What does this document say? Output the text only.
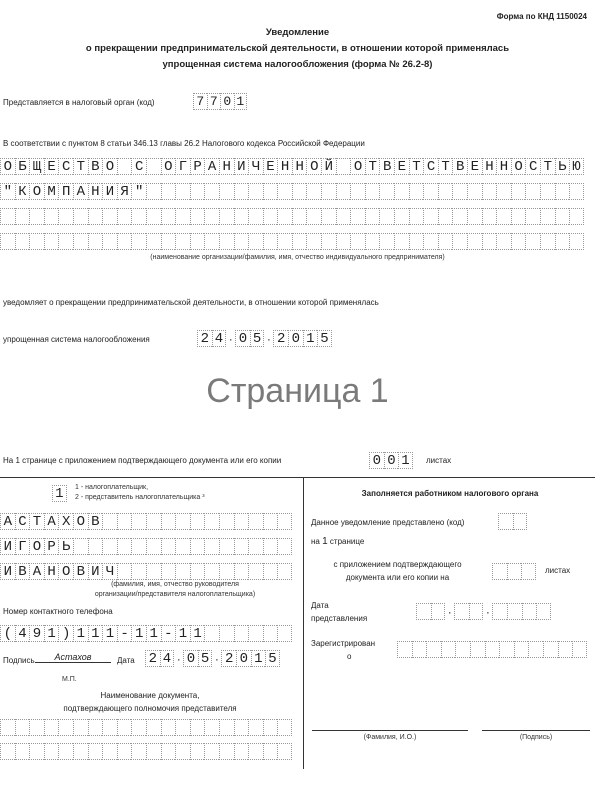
Форма по КНД 1150024
Уведомление
о прекращении предпринимательской деятельности, в отношении которой применялась
упрощенная система налогообложения (форма № 26.2-8)
Представляется в налоговый орган (код)	7 7 0 1
В соответствии с пунктом 8 статьи 346.13 главы 26.2 Налогового кодекса Российской Федерации
О Б Щ Е С Т В О С О Г Р А Н И Ч Е Н Н О Й О Т В Е Т С Т В Е Н Н О С Т Ь Ю
" К О М П А Н И Я "
(наименование организации/фамилия, имя, отчество индивидуального предпринимателя)
уведомляет о прекращении предпринимательской деятельности, в отношении которой применялась
упрощенная система налогообложения	2 4 · 0 5 · 2 0 1 5
Страница 1
На 1 странице с приложением подтверждающего документа или его копии	0 0 1	листах
1	1 - налогоплательщик,
2 - представитель налогоплательщика ³
А С Т А Х О В
И Г О Р Ь
И В А Н О В И Ч
(фамилия, имя, отчество руководителя
организации/представителя налогоплательщика)
Номер контактного телефона
( 4 9 1 ) 1 1 1 - 1 1 - 1 1
Подпись	Астахов	Дата 2 4 · 0 5 · 2 0 1 5
М.П.
Наименование документа,
подтверждающего полномочия представителя
Заполняется работником налогового органа
Данное уведомление представлено (код)
на 1 странице
с приложением подтверждающего
документа или его копии на
листах
Дата
представления	·	·
Зарегистрирован
о
(Фамилия, И.О.)	(Подпись)
